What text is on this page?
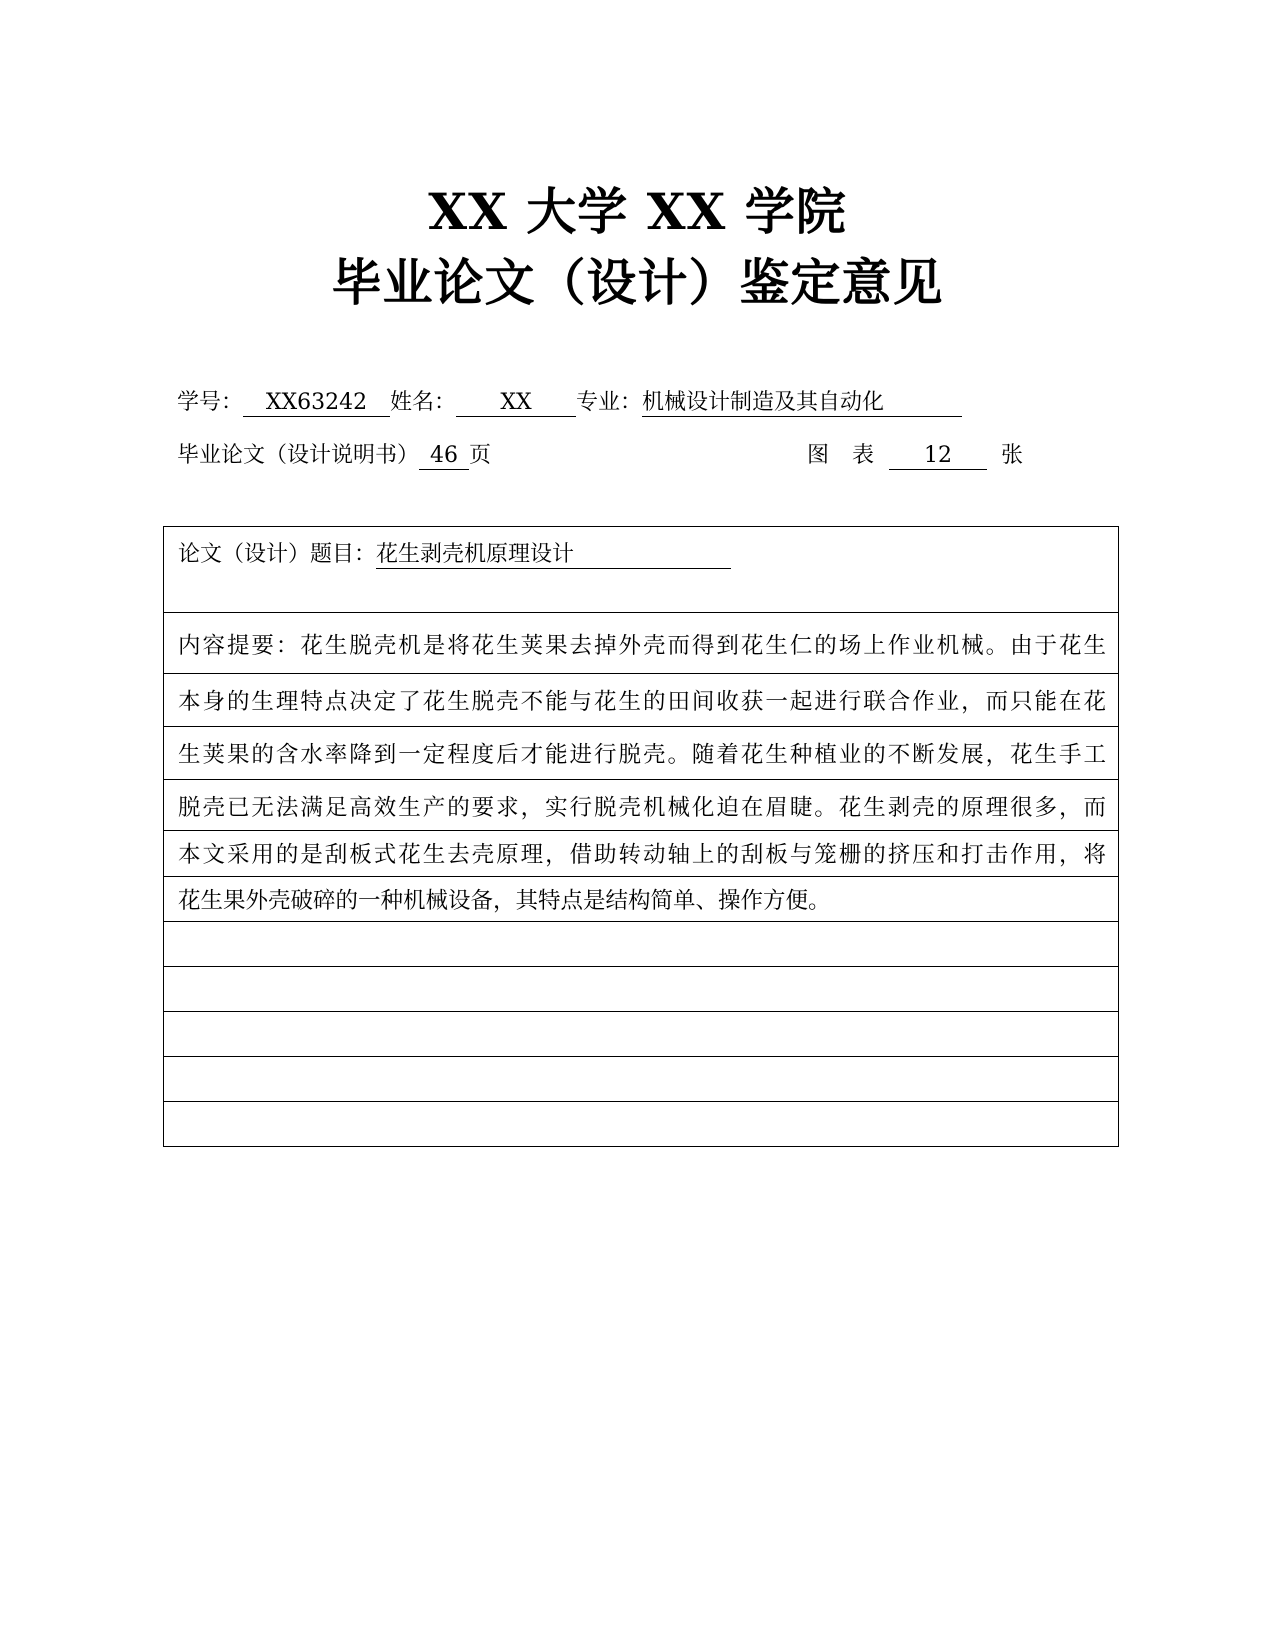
XX 大学 XX 学院
毕业论文（设计）鉴定意见
学号： XX63242 姓名： XX 专业：机械设计制造及其自动化
毕业论文（设计说明书） 46 页	图 表 12 张
论文（设计）题目：花生剥壳机原理设计
内容提要：花生脱壳机是将花生荚果去掉外壳而得到花生仁的场上作业机械。由于花生
本身的生理特点决定了花生脱壳不能与花生的田间收获一起进行联合作业，而只能在花
生荚果的含水率降到一定程度后才能进行脱壳。随着花生种植业的不断发展，花生手工
脱壳已无法满足高效生产的要求，实行脱壳机械化迫在眉睫。花生剥壳的原理很多，而
本文采用的是刮板式花生去壳原理，借助转动轴上的刮板与笼栅的挤压和打击作用，将
花生果外壳破碎的一种机械设备，其特点是结构简单、操作方便。
